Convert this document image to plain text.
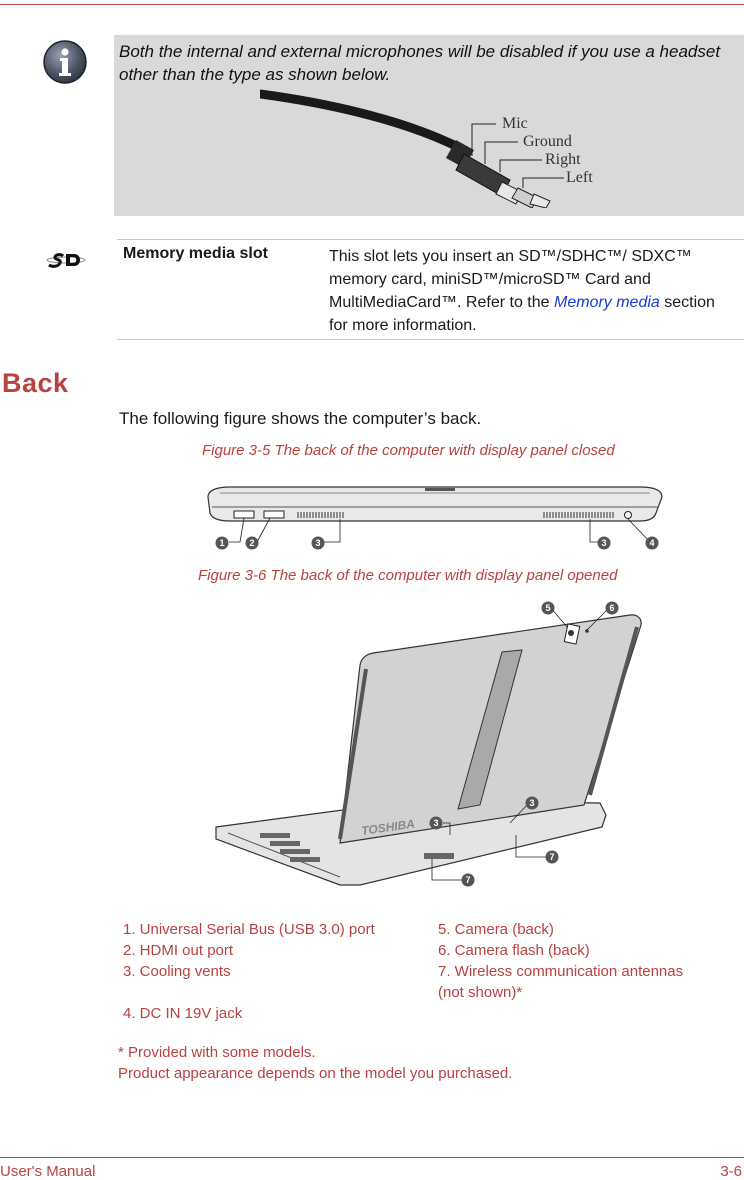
Both the internal and external microphones will be disabled if you use a headset other than the type as shown below.
Mic
Ground
Right
Left
Memory media slot	This slot lets you insert an SD™/SDHC™/ SDXC™ memory card, miniSD™/microSD™ Card and MultiMediaCard™. Refer to the Memory media section for more information.
Back
The following figure shows the computer’s back.
Figure 3-5 The back of the computer with display panel closed
1	2	3	3	4
Figure 3-6 The back of the computer with display panel opened
TOSHIBA
5	6
3
3
7
7
1. Universal Serial Bus (USB 3.0) port
2. HDMI out port
3. Cooling vents
4. DC IN 19V jack
5. Camera (back)
6. Camera flash (back)
7. Wireless communication antennas
(not shown)*
* Provided with some models.
Product appearance depends on the model you purchased.
User's Manual	3-6
